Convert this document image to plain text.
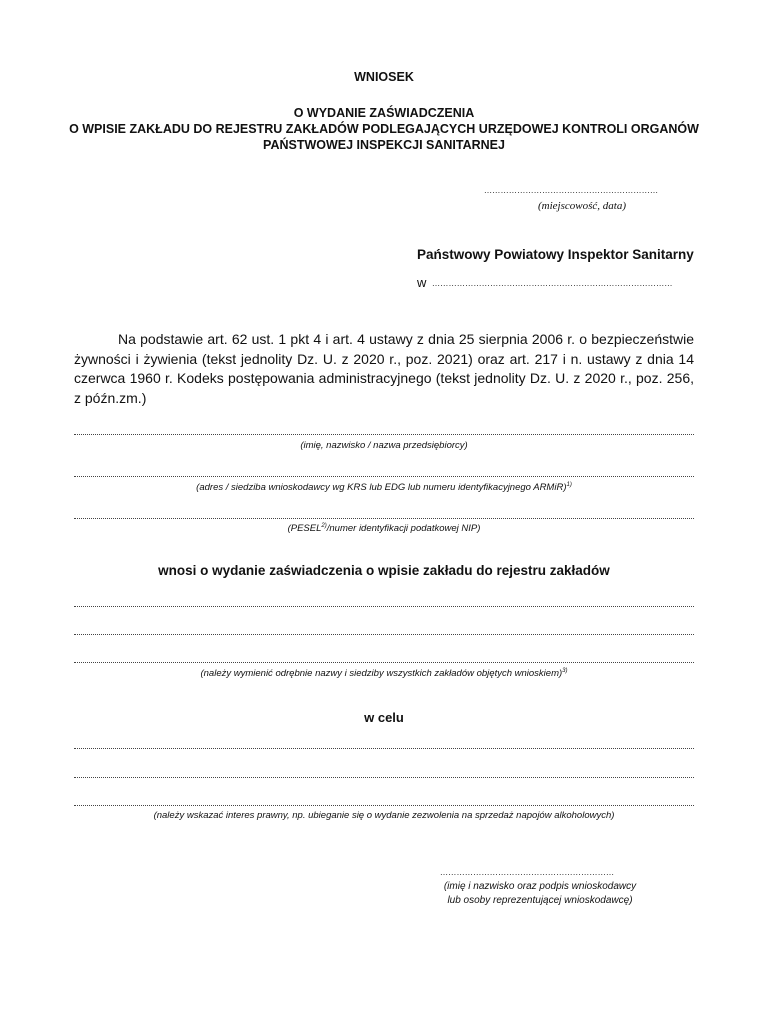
WNIOSEK
O WYDANIE ZAŚWIADCZENIA
O WPISIE ZAKŁADU DO REJESTRU ZAKŁADÓW PODLEGAJĄCYCH URZĘDOWEJ KONTROLI ORGANÓW
PAŃSTWOWEJ INSPEKCJI SANITARNEJ
………………………………………………………
(miejscowość, data)
Państwowy Powiatowy Inspektor Sanitarny
w ……………………………………………………………………………
Na podstawie art. 62 ust. 1 pkt 4 i art. 4 ustawy z dnia 25 sierpnia 2006 r. o bezpieczeństwie żywności i żywienia (tekst jednolity Dz. U. z 2020 r., poz. 2021) oraz art. 217 i n. ustawy z dnia 14 czerwca 1960 r. Kodeks postępowania administracyjnego (tekst jednolity Dz. U. z 2020 r., poz. 256, z późn.zm.)
(imię, nazwisko / nazwa przedsiębiorcy)
(adres / siedziba wnioskodawcy wg KRS lub EDG lub numeru identyfikacyjnego ARMiR)$^{1)}$
(PESEL$^{2)}$/numer identyfikacji podatkowej NIP)
wnosi o wydanie zaświadczenia o wpisie zakładu do rejestru zakładów
(należy wymienić odrębnie nazwy i siedziby wszystkich zakładów objętych wnioskiem)$^{3)}$
w celu
(należy wskazać interes prawny, np. ubieganie się o wydanie zezwolenia na sprzedaż napojów alkoholowych)
………………………………………………………
(imię i nazwisko oraz podpis wnioskodawcy
lub osoby reprezentującej wnioskodawcę)
